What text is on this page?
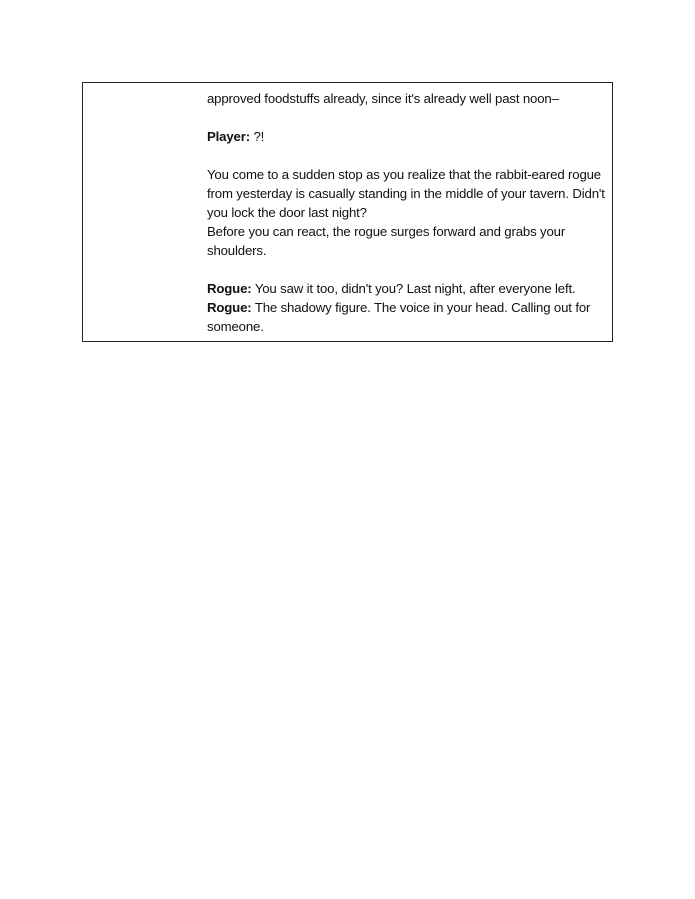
approved foodstuffs already, since it's already well past noon–
Player: ?!
You come to a sudden stop as you realize that the rabbit-eared rogue
from yesterday is casually standing in the middle of your tavern. Didn't
you lock the door last night?
Before you can react, the rogue surges forward and grabs your
shoulders.
Rogue: You saw it too, didn't you? Last night, after everyone left.
Rogue: The shadowy figure. The voice in your head. Calling out for
someone.
